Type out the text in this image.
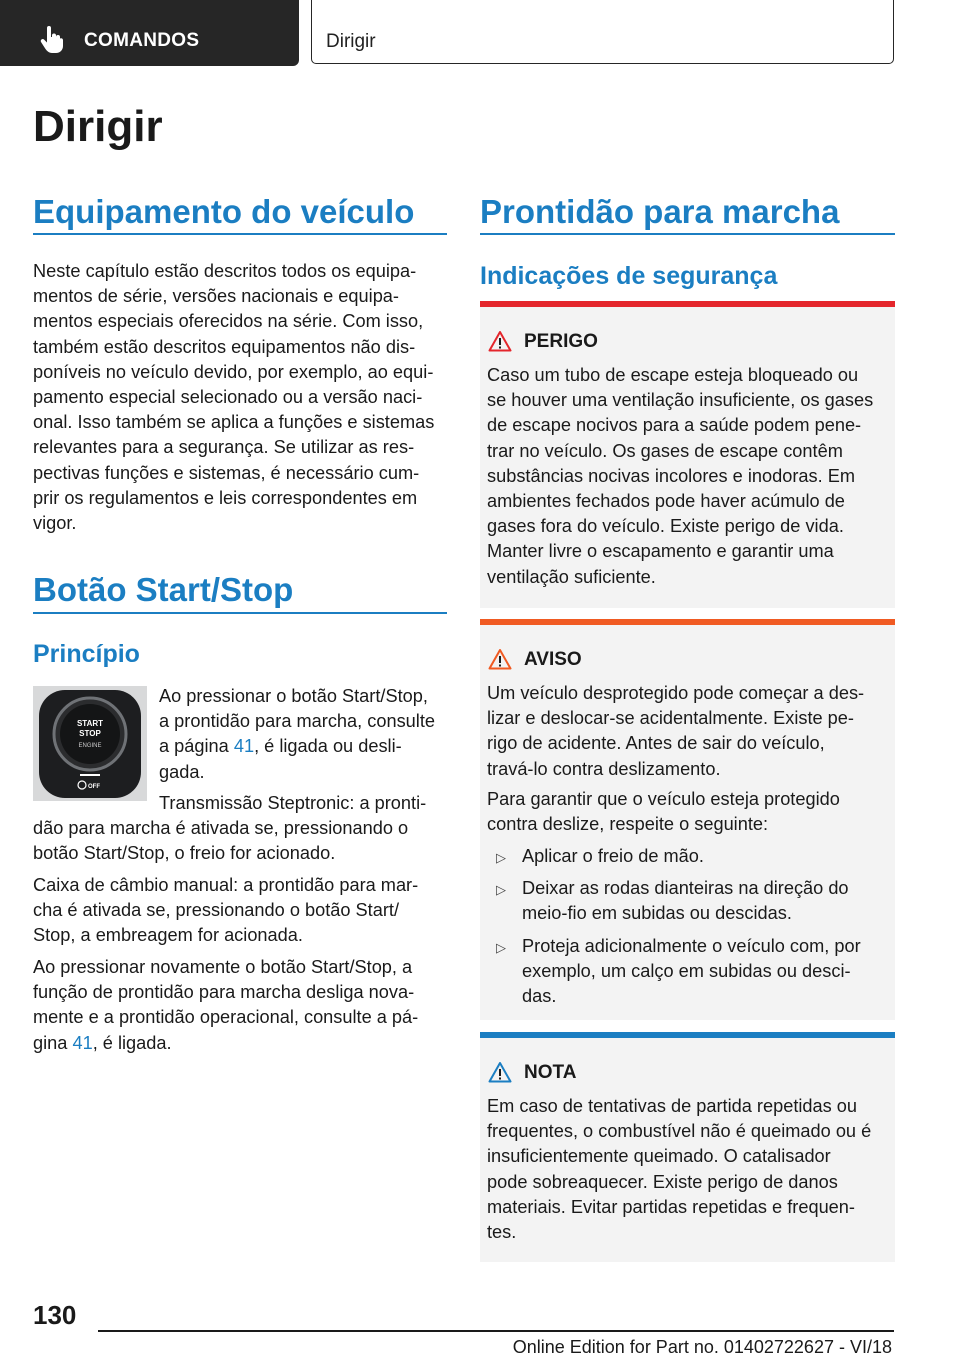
COMANDOS	Dirigir
Dirigir
Equipamento do veículo

Neste capítulo estão descritos todos os equipa-
mentos de série, versões nacionais e equipa-
mentos especiais oferecidos na série. Com isso,
também estão descritos equipamentos não dis-
poníveis no veículo devido, por exemplo, ao equi-
pamento especial selecionado ou a versão naci-
onal. Isso também se aplica a funções e sistemas
relevantes para a segurança. Se utilizar as res-
pectivas funções e sistemas, é necessário cum-
prir os regulamentos e leis correspondentes em
vigor.

Botão Start/Stop
Princípio
START
STOP
ENGINE
OFF

Ao pressionar o botão Start/Stop,
a prontidão para marcha, consulte
a página 41, é ligada ou desli-
gada.

Transmissão Steptronic: a pronti-
dão para marcha é ativada se, pressionando o
botão Start/Stop, o freio for acionado.

Caixa de câmbio manual: a prontidão para mar-
cha é ativada se, pressionando o botão Start/
Stop, a embreagem for acionada.

Ao pressionar novamente o botão Start/Stop, a
função de prontidão para marcha desliga nova-
mente e a prontidão operacional, consulte a pá-
gina 41, é ligada.

Prontidão para marcha
Indicações de segurança
PERIGO

Caso um tubo de escape esteja bloqueado ou
se houver uma ventilação insuficiente, os gases
de escape nocivos para a saúde podem pene-
trar no veículo. Os gases de escape contêm
substâncias nocivas incolores e inodoras. Em
ambientes fechados pode haver acúmulo de
gases fora do veículo. Existe perigo de vida.
Manter livre o escapamento e garantir uma
ventilação suficiente.

AVISO

Um veículo desprotegido pode começar a des-
lizar e deslocar-se acidentalmente. Existe pe-
rigo de acidente. Antes de sair do veículo,
travá-lo contra deslizamento.

Para garantir que o veículo esteja protegido
contra deslize, respeite o seguinte:

▷ Aplicar o freio de mão.
▷ Deixar as rodas dianteiras na direção do
meio-fio em subidas ou descidas.
▷ Proteja adicionalmente o veículo com, por
exemplo, um calço em subidas ou desci-
das.
NOTA

Em caso de tentativas de partida repetidas ou
frequentes, o combustível não é queimado ou é
insuficientemente queimado. O catalisador
pode sobreaquecer. Existe perigo de danos
materiais. Evitar partidas repetidas e frequen-
tes.

130
Online Edition for Part no. 01402722627 - VI/18
